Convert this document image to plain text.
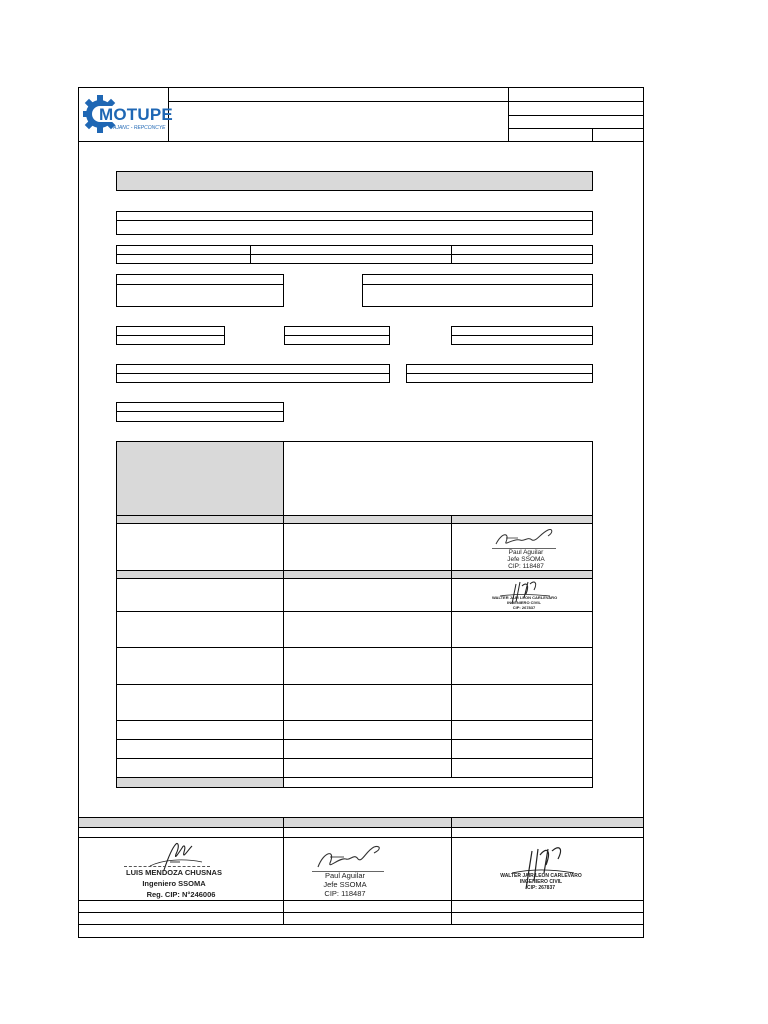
MOTUPE
AJANC - REPCONCYE
Paul Aguilar
Jefe SSOMA
CIP: 118487
WALTER JAIR LEON CARLEVARO
INGENIERO CIVIL
CIP: 267837
LUIS MENDOZA CHUSNAS
Ingeniero SSOMA
Reg. CIP: N°246006
Paul Aguilar
Jefe SSOMA
CIP: 118487
WALTER JAIR LEON CARLEVARO
INGENIERO CIVIL
CIP: 267837
